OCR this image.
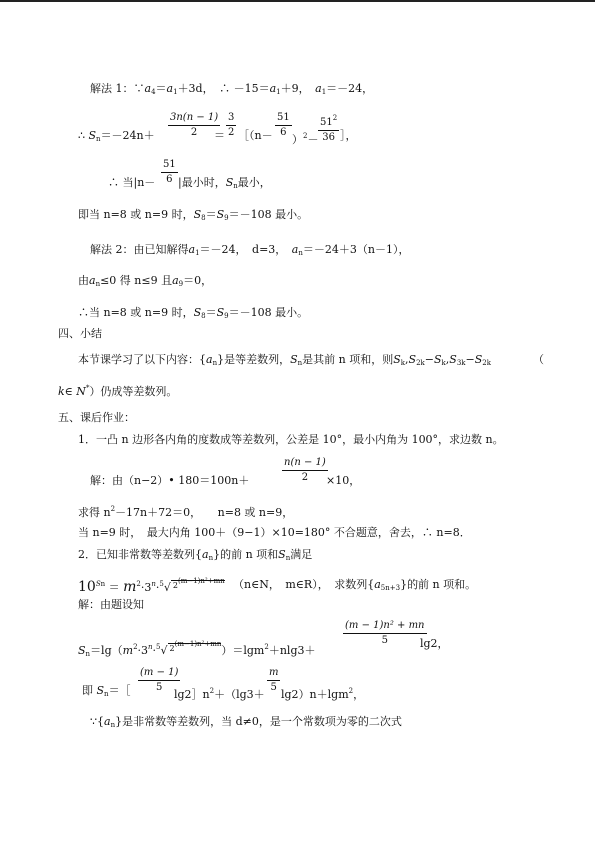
解法 1：$\because a_4=a_1+3d$，　∴ $-15=a_1+9$，　$a_1=-24$，
∴ $S_n=-24n+$
3n(n − 1)
2	＝
3
2 ［（n－
51
6
）$^2$－
$51^2$
36 ］，
∴ 当|n－
51
6 |最小时，$S_n$最小，
即当 n=8 或 n=9 时，$S_8=S_9=-108$ 最小。
解法 2：由已知解得$a_1=-24$，　d=3，　$a_n=-24+3(n-1)$，
由$a_n\le 0$ 得 n≤9 且$a_9=0$，
∴当 n=8 或 n=9 时，$S_8=S_9=-108$ 最小。
四、小结
本节课学习了以下内容：$\{a_n\}$是等差数列，$S_n$是其前 n 项和，则$S_k,S_{2k}-S_k,S_{3k}-S_{2k}$	（
k∈ N*）仍成等差数列。
五、课后作业：
1．一凸 n 边形各内角的度数成等差数列，公差是 10°，最小内角为 100°，求边数 n。
解：由（n−2）• 180＝100n＋
n(n − 1)
2	×10，
求得 $n^2-17n+72=0$，　　n=8 或 n=9，
当 n=9 时，　最大内角 100＋（9−1）×10=180° 不合题意，舍去，∴ n=8．
2．已知非常数等差数列$\{a_n\}$的前 n 项和$S_n$满足
$10^{Sn} = m^2\cdot 3^n\cdot^5√$ $^{2(m-1)n^2+mn}$ （n∈N，　m∈R），　求数列$\{a_{5n+3}\}$的前 n 项和。
解：由题设知
$S_n=\lg(m^2\cdot 3^n\cdot^5√$ $^{2(m-1)n^2+mn}$）＝lgm$^2$＋nlg3＋
(m − 1)n² + mn
5	lg2，
即 $S_n=[$
(m − 1)
5
$\lg 2]n^2+(\lg 3+$
m
5
lg2）n＋lgm$^2$，
$\because\{a_n\}$是非常数等差数列，当 d≠0，是一个常数项为零的二次式
